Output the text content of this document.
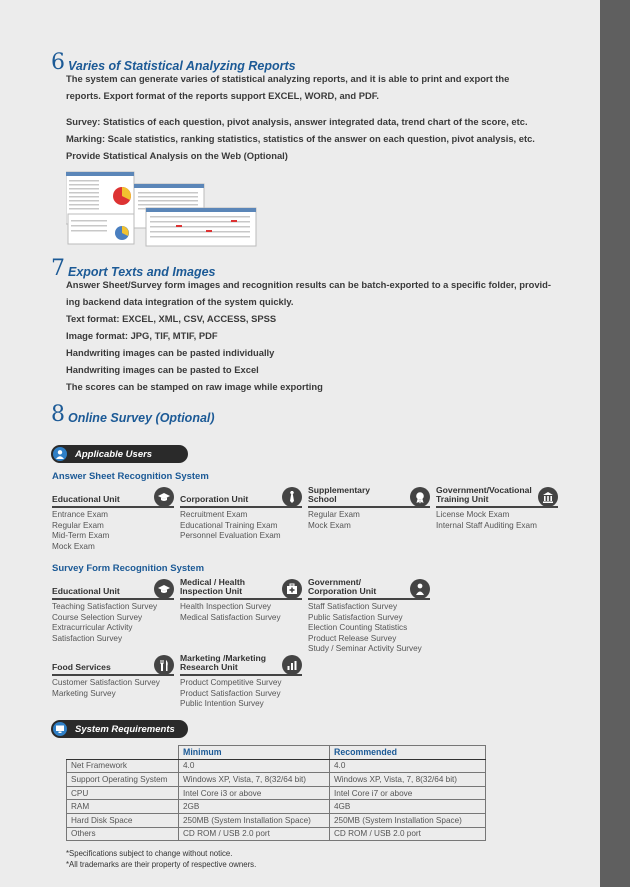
6 Varies of Statistical Analyzing Reports
The system can generate varies of statistical analyzing reports, and it is able to print and export the
reports. Export format of the reports support EXCEL, WORD, and PDF.
Survey: Statistics of each question, pivot analysis, answer integrated data, trend chart of the score, etc.
Marking: Scale statistics, ranking statistics, statistics of the answer on each question, pivot analysis, etc.
Provide Statistical Analysis on the Web (Optional)
7 Export Texts and Images
Answer Sheet/Survey form images and recognition results can be batch-exported to a specific folder, provid-
ing backend data integration of the system quickly.
Text format: EXCEL, XML, CSV, ACCESS, SPSS
Image format: JPG, TIF, MTIF, PDF
Handwriting images can be pasted individually
Handwriting images can be pasted to Excel
The scores can be stamped on raw image while exporting
8 Online Survey (Optional)
Applicable Users
Answer Sheet Recognition System
Educational Unit
Entrance Exam
Regular Exam
Mid-Term Exam
Mock Exam
Corporation Unit
Recruitment Exam
Educational Training Exam
Personnel Evaluation Exam
Supplementary School
Regular Exam
Mock Exam
Government/Vocational Training Unit
License Mock Exam
Internal Staff Auditing Exam
Survey Form Recognition System
Educational Unit
Teaching Satisfaction Survey
Course Selection Survey
Extracurricular Activity
Satisfaction Survey
Medical / Health Inspection Unit
Health Inspection Survey
Medical Satisfaction Survey
Government/ Corporation Unit
Staff Satisfaction Survey
Public Satisfaction Survey
Election Counting Statistics
Product Release Survey
Study / Seminar Activity Survey
Food Services
Customer Satisfaction Survey
Marketing Survey
Marketing /Marketing Research Unit
Product Competitive Survey
Product Satisfaction Survey
Public Intention Survey
System Requirements
	Minimum	Recommended
Net Framework	4.0	4.0
Support Operating System	Windows XP, Vista, 7, 8(32/64 bit)	Windows XP, Vista, 7, 8(32/64 bit)
CPU	Intel Core i3 or above	Intel Core i7 or above
RAM	2GB	4GB
Hard Disk Space	250MB (System Installation Space)	250MB (System Installation Space)
Others	CD ROM / USB 2.0 port	CD ROM / USB 2.0 port
*Specifications subject to change without notice.
*All trademarks are their property of respective owners.
